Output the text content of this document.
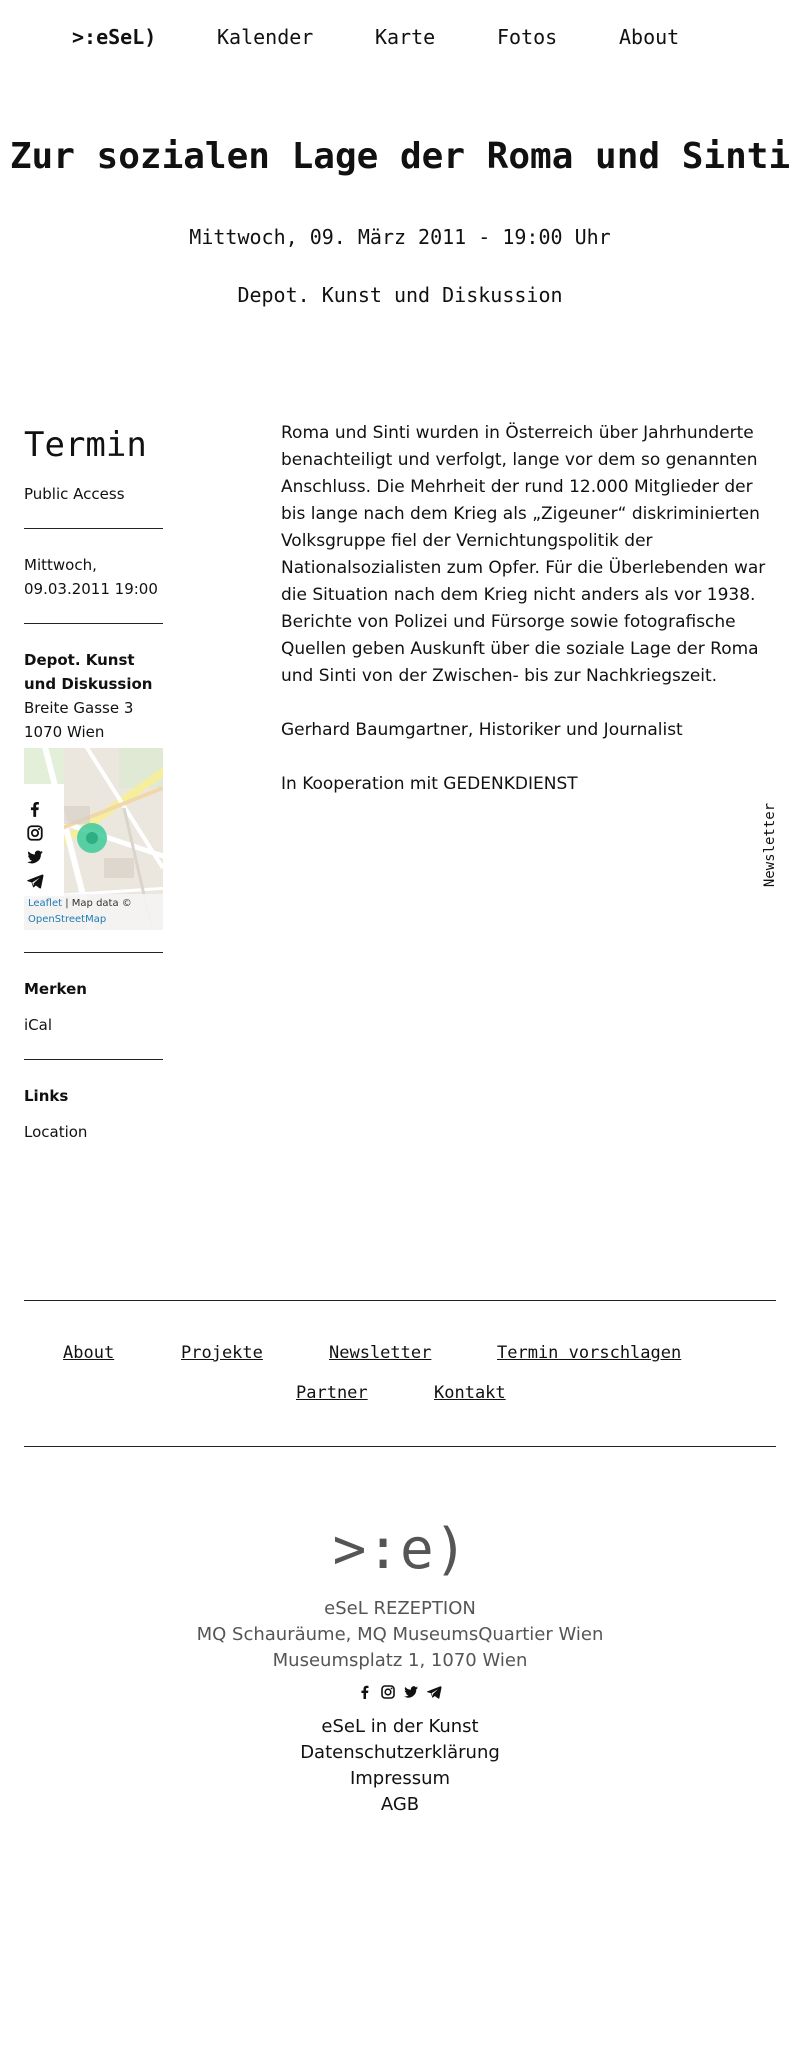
>:eSeL)	Kalender	Karte	Fotos	About
Zur sozialen Lage der Roma und Sinti
Mittwoch, 09. März 2011 - 19:00 Uhr
Depot. Kunst und Diskussion
Termin
Public Access
Mittwoch,
09.03.2011 19:00
Depot. Kunst und Diskussion
Breite Gasse 3
1070 Wien
Leaflet | Map data ©
OpenStreetMap
Merken
iCal
Links
Location

Roma und Sinti wurden in Österreich über Jahrhunderte benachteiligt und verfolgt, lange vor dem so genannten Anschluss. Die Mehrheit der rund 12.000 Mitglieder der bis lange nach dem Krieg als „Zigeuner“ diskriminierten Volksgruppe fiel der Vernichtungspolitik der Nationalsozialisten zum Opfer. Für die Überlebenden war die Situation nach dem Krieg nicht anders als vor 1938. Berichte von Polizei und Fürsorge sowie fotografische Quellen geben Auskunft über die soziale Lage der Roma und Sinti von der Zwischen- bis zur Nachkriegszeit.

Gerhard Baumgartner, Historiker und Journalist

In Kooperation mit GEDENKDIENST

Newsletter
About	Projekte	Newsletter	Termin vorschlagen
Partner	Kontakt
>:e)
eSeL REZEPTION
MQ Schauräume, MQ MuseumsQuartier Wien
Museumsplatz 1, 1070 Wien
eSeL in der Kunst
Datenschutzerklärung
Impressum
AGB
